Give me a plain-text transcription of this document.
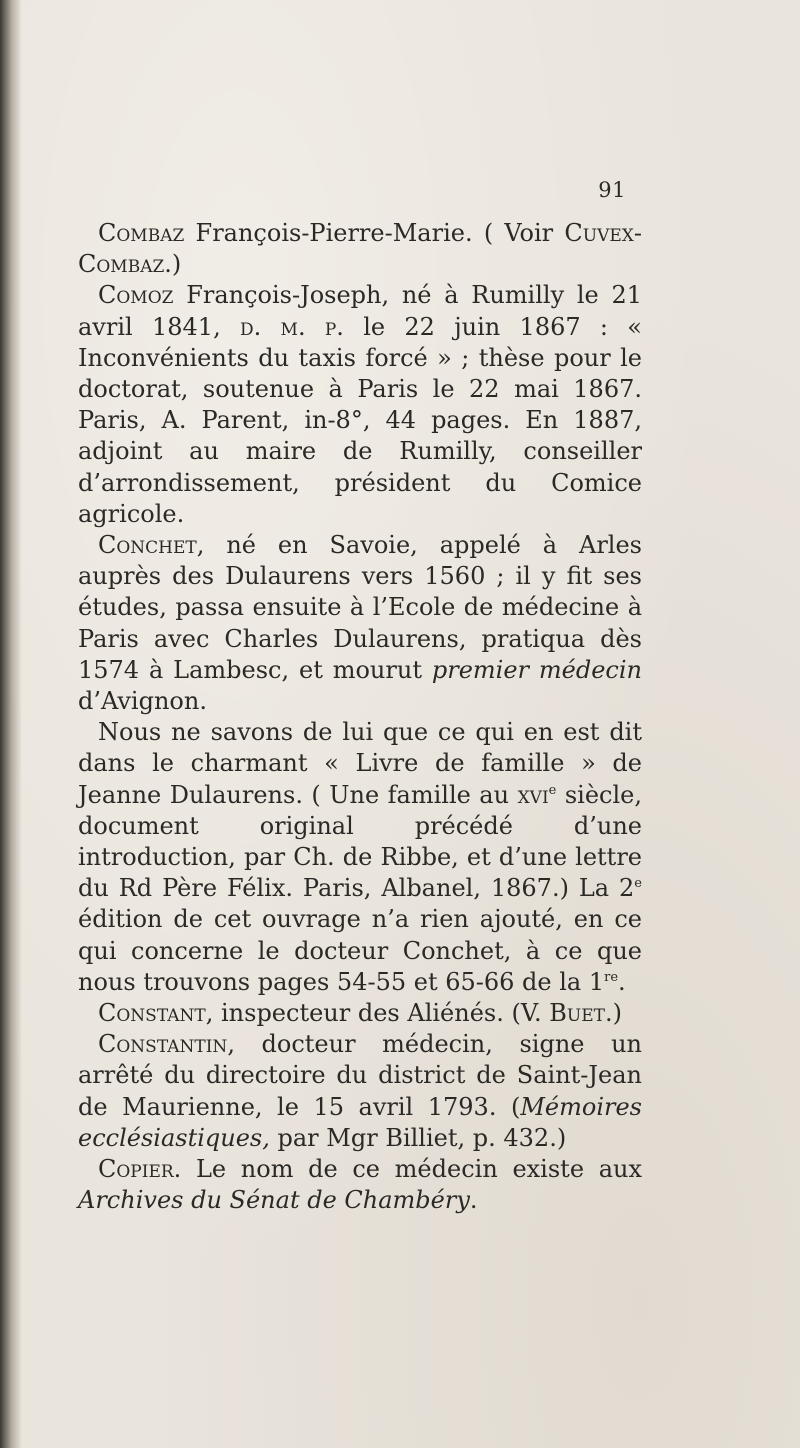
91

Combaz François-Pierre-Marie. ( Voir Cuvex-Combaz.)

Comoz François-Joseph, né à Rumilly le 21 avril 1841, d. m. p. le 22 juin 1867 : « Inconvénients du taxis forcé » ; thèse pour le doctorat, soutenue à Paris le 22 mai 1867. Paris, A. Parent, in-8°, 44 pages. En 1887, adjoint au maire de Rumilly, conseiller d’arrondissement, président du Comice agricole.

Conchet, né en Savoie, appelé à Arles auprès des Dulaurens vers 1560 ; il y fit ses études, passa ensuite à l’Ecole de médecine à Paris avec Charles Dulaurens, pratiqua dès 1574 à Lambesc, et mourut premier médecin d’Avignon.

Nous ne savons de lui que ce qui en est dit dans le charmant « Livre de famille » de Jeanne Dulaurens. ( Une famille au xvi$^e$ siècle, document original précédé d’une introduction, par Ch. de Ribbe, et d’une lettre du Rd Père Félix. Paris, Albanel, 1867.) La 2e édition de cet ouvrage n’a rien ajouté, en ce qui concerne le docteur Conchet, à ce que nous trouvons pages 54-55 et 65-66 de la 1re.

Constant, inspecteur des Aliénés. (V. Buet.)

Constantin, docteur médecin, signe un arrêté du directoire du district de Saint-Jean de Maurienne, le 15 avril 1793. (Mémoires ecclésiastiques, par Mgr Billiet, p. 432.)

Copier. Le nom de ce médecin existe aux Archives du Sénat de Chambéry.
